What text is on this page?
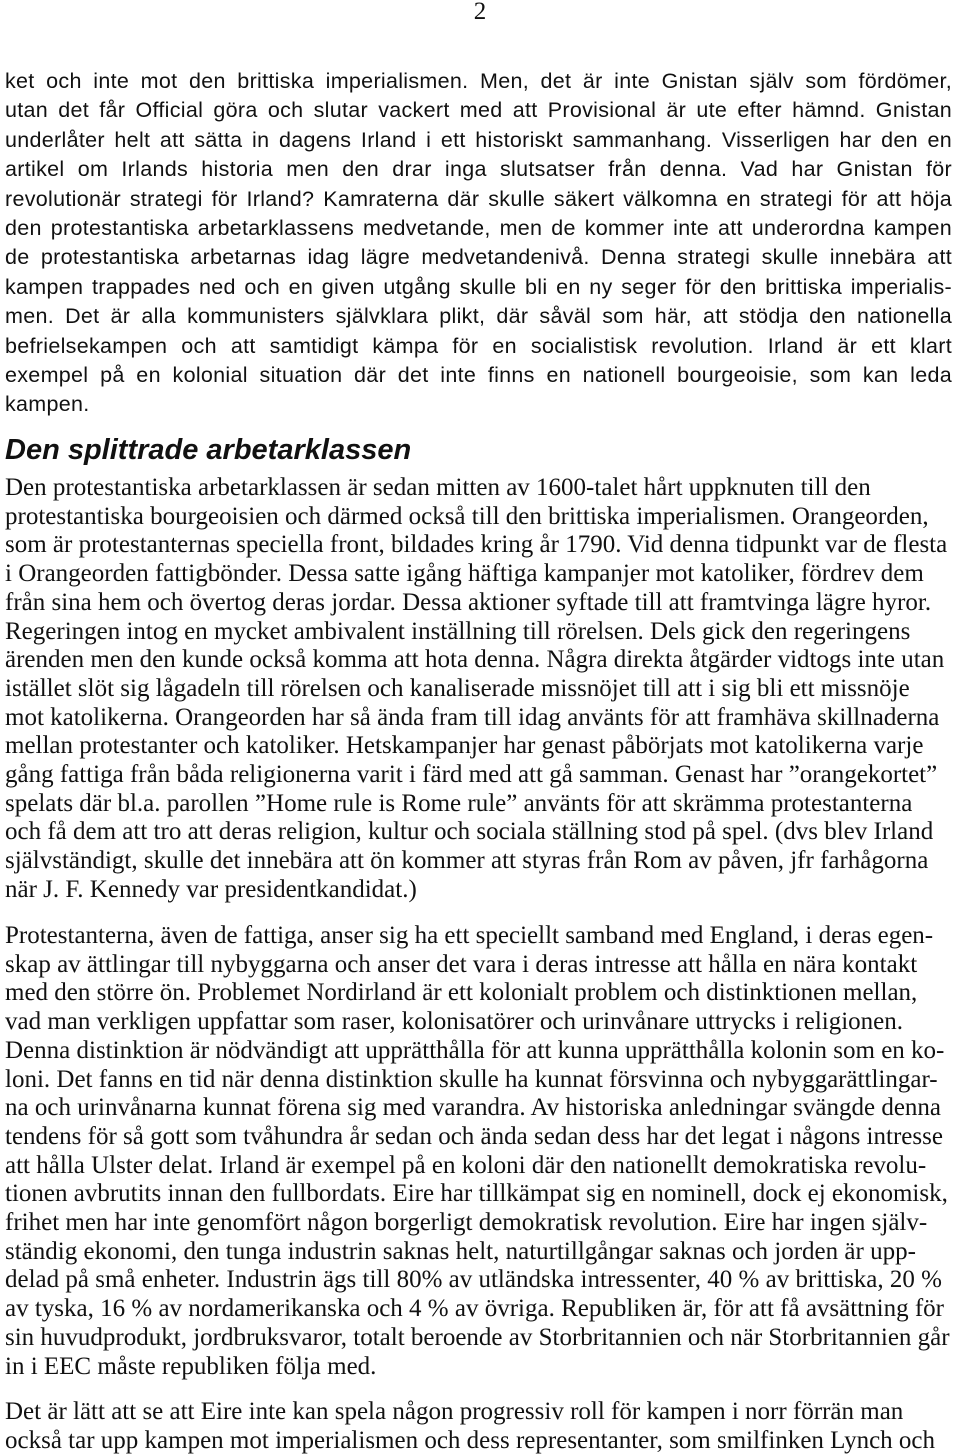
2
ket och inte mot den brittiska imperialismen. Men, det är inte Gnistan själv som fördömer,
utan det får Official göra och slutar vackert med att Provisional är ute efter hämnd. Gnistan
underlåter helt att sätta in dagens Irland i ett historiskt sammanhang. Visserligen har den en
artikel om Irlands historia men den drar inga slutsatser från denna. Vad har Gnistan för
revolutionär strategi för Irland? Kamraterna där skulle säkert välkomna en strategi för att höja
den protestantiska arbetarklassens medvetande, men de kommer inte att underordna kampen
de protestantiska arbetarnas idag lägre medvetandenivå. Denna strategi skulle innebära att
kampen trappades ned och en given utgång skulle bli en ny seger för den brittiska imperialis-
men. Det är alla kommunisters självklara plikt, där såväl som här, att stödja den nationella
befrielsekampen och att samtidigt kämpa för en socialistisk revolution. Irland är ett klart
exempel på en kolonial situation där det inte finns en nationell bourgeoisie, som kan leda
kampen.
Den splittrade arbetarklassen
Den protestantiska arbetarklassen är sedan mitten av 1600-talet hårt uppknuten till den
protestantiska bourgeoisien och därmed också till den brittiska imperialismen. Orangeorden,
som är protestanternas speciella front, bildades kring år 1790. Vid denna tidpunkt var de flesta
i Orangeorden fattigbönder. Dessa satte igång häftiga kampanjer mot katoliker, fördrev dem
från sina hem och övertog deras jordar. Dessa aktioner syftade till att framtvinga lägre hyror.
Regeringen intog en mycket ambivalent inställning till rörelsen. Dels gick den regeringens
ärenden men den kunde också komma att hota denna. Några direkta åtgärder vidtogs inte utan
istället slöt sig lågadeln till rörelsen och kanaliserade missnöjet till att i sig bli ett missnöje
mot katolikerna. Orangeorden har så ända fram till idag använts för att framhäva skillnaderna
mellan protestanter och katoliker. Hetskampanjer har genast påbörjats mot katolikerna varje
gång fattiga från båda religionerna varit i färd med att gå samman. Genast har ”orangekortet”
spelats där bl.a. parollen ”Home rule is Rome rule” använts för att skrämma protestanterna
och få dem att tro att deras religion, kultur och sociala ställning stod på spel. (dvs blev Irland
självständigt, skulle det innebära att ön kommer att styras från Rom av påven, jfr farhågorna
när J. F. Kennedy var presidentkandidat.)
Protestanterna, även de fattiga, anser sig ha ett speciellt samband med England, i deras egen-
skap av ättlingar till nybyggarna och anser det vara i deras intresse att hålla en nära kontakt
med den större ön. Problemet Nordirland är ett kolonialt problem och distinktionen mellan,
vad man verkligen uppfattar som raser, kolonisatörer och urinvånare uttrycks i religionen.
Denna distinktion är nödvändigt att upprätthålla för att kunna upprätthålla kolonin som en ko-
loni. Det fanns en tid när denna distinktion skulle ha kunnat försvinna och nybyggarättlingar-
na och urinvånarna kunnat förena sig med varandra. Av historiska anledningar svängde denna
tendens för så gott som tvåhundra år sedan och ända sedan dess har det legat i någons intresse
att hålla Ulster delat. Irland är exempel på en koloni där den nationellt demokratiska revolu-
tionen avbrutits innan den fullbordats. Eire har tillkämpat sig en nominell, dock ej ekonomisk,
frihet men har inte genomfört någon borgerligt demokratisk revolution. Eire har ingen själv-
ständig ekonomi, den tunga industrin saknas helt, naturtillgångar saknas och jorden är upp-
delad på små enheter. Industrin ägs till 80% av utländska intressenter, 40 % av brittiska, 20 %
av tyska, 16 % av nordamerikanska och 4 % av övriga. Republiken är, för att få avsättning för
sin huvudprodukt, jordbruksvaror, totalt beroende av Storbritannien och när Storbritannien går
in i EEC måste republiken följa med.
Det är lätt att se att Eire inte kan spela någon progressiv roll för kampen i norr förrän man
också tar upp kampen mot imperialismen och dess representanter, som smilfinken Lynch och
